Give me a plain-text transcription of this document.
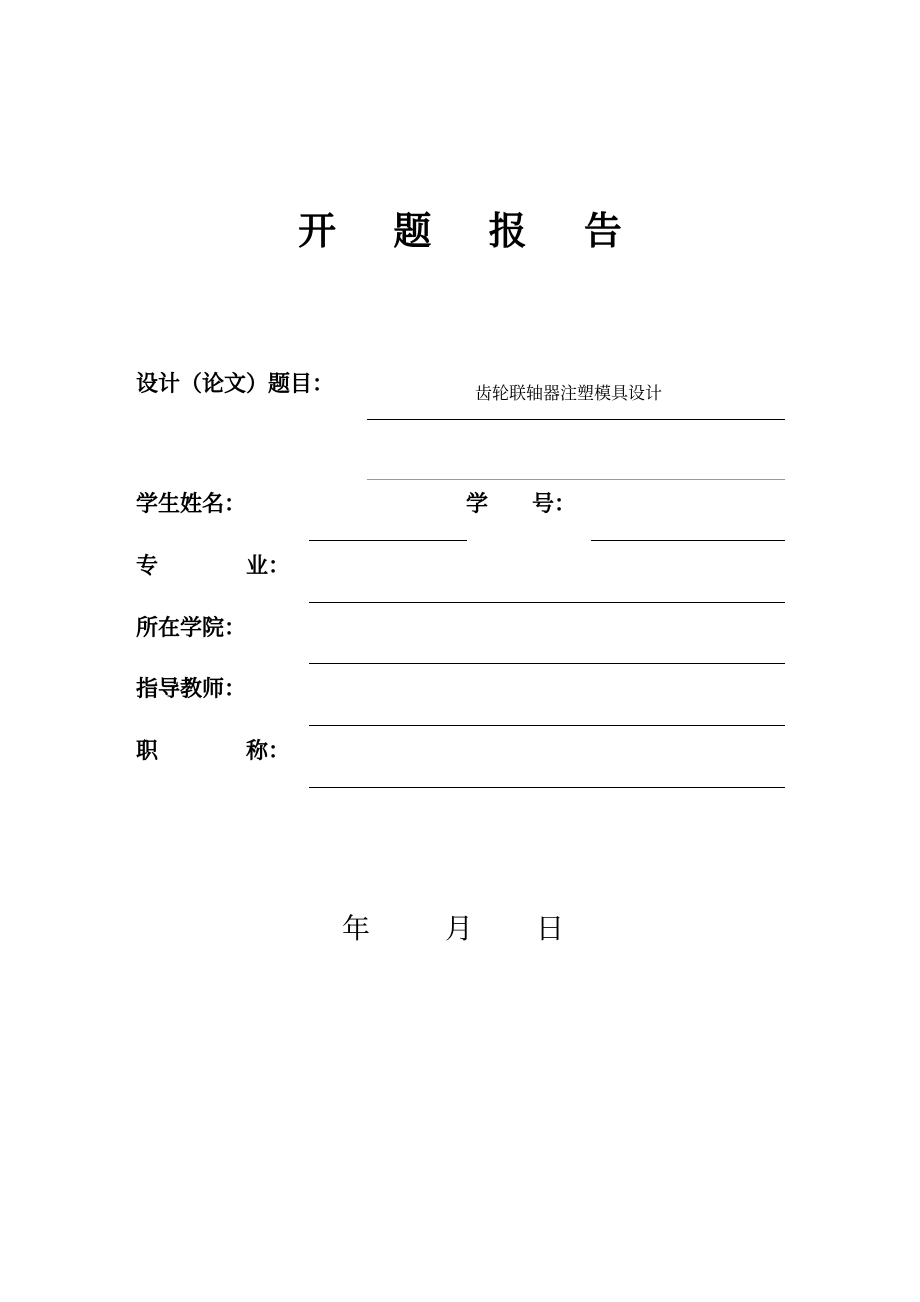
开 题 报 告
设计（论文）题目：	齿轮联轴器注塑模具设计
学生姓名：	学　　号：
专　　　　业：
所在学院：
指导教师：
职　　　　称：
年	月 日
